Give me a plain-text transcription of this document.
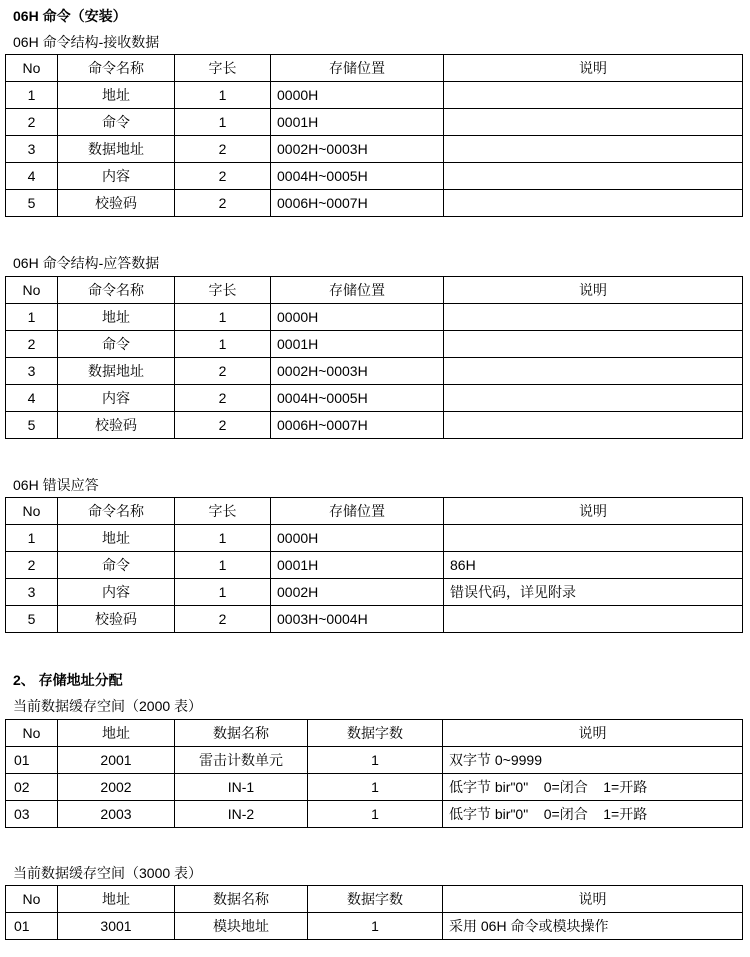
06H 命令（安装）
06H 命令结构-接收数据
No	命令名称	字长	存储位置	说明
1	地址	1	0000H	
2	命令	1	0001H	
3	数据地址	2	0002H~0003H	
4	内容	2	0004H~0005H	
5	校验码	2	0006H~0007H	
06H 命令结构-应答数据
No	命令名称	字长	存储位置	说明
1	地址	1	0000H	
2	命令	1	0001H	
3	数据地址	2	0002H~0003H	
4	内容	2	0004H~0005H	
5	校验码	2	0006H~0007H	
06H 错误应答
No	命令名称	字长	存储位置	说明
1	地址	1	0000H	
2	命令	1	0001H	86H
3	内容	1	0002H	错误代码，详见附录
5	校验码	2	0003H~0004H	
2、 存储地址分配
当前数据缓存空间（2000 表）
No	地址	数据名称	数据字数	说明
01	2001	雷击计数单元	1	双字节 0~9999
02	2002	IN-1	1	低字节 bir"0"    0=闭合    1=开路
03	2003	IN-2	1	低字节 bir"0"    0=闭合    1=开路
当前数据缓存空间（3000 表）
No	地址	数据名称	数据字数	说明
01	3001	模块地址	1	采用 06H 命令或模块操作
